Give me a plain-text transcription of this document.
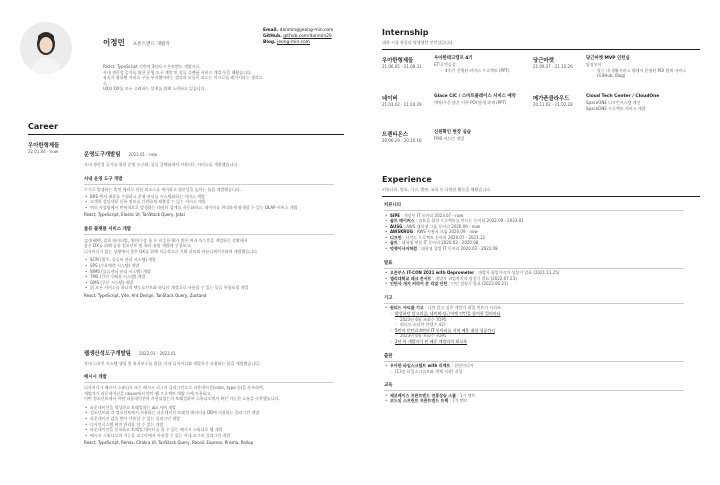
이정민 프론트엔드 개발자
React, TypeScript 기반의 3년차 프론트엔드 개발자로,
사내 생산성 증가를 위한 운영 도구 개발 및 물류 플랫폼 서비스 개발 등을 해왔습니다.
유지가 쉽다면 서비스 구를 부지했어야는 생각과 모듈이 코드는 마크로를 레가시라는 생각으로
UX와 DX를 모두 고려하는 설계를 위해 노력하고 있습니다.
Email. danmin@jeong-min.com
GitHub. github.com/danmin20
Blog. jeong-min.com
Career
우아한형제들
22.01.04 - now
운영도구개발팀 2023.01 - now
사내 생산성 증가를 위한 운영 도구와, 물류 플랫폼에서 사용되는 서비스를 개발했습니다.
사내 운영 도구 개발
수기로 발생하는 휴먼 에러로 인한 리소스를 제거하고 생산성을 높이는 툴을 개발했습니다.
• BRS 텍서 제휴를 수립하고 운영 관리를 시스템화하는 서비스 개발
• 고객의 상담내용 등록 정보를 간편하게 제출할 수 있는 서비스 개발
• 여러 사업팀에서 반복적으로 발생하는 데이터 집계를 자동화하고, 데이터를 편리하게 탐색할 수 있는 OLAP 서비스 개발
React, TypeScript, Elastic UI, TanStack Query, Jotai
물류 플랫폼 서비스 개발
검색 혜택, 결과 데이터별, 생산/수송 품 등 비슷한 UI가 많은 여러 어드민을 개발하는 상황에서
좋은 DX를 위해 공통 컴포넌트 및 훅과 유틸 개발에 신경쓰고,
디자이너가 없는 상황에서 좋은 UX를 위해 적극적으로 기획 파트와 커뮤니케이션하며 개발했습니다.
• SCM (발주, 물류비 관리 시스템) 개발
• SPS (수요예측 시스템) 개발
• WMS (물류센터 관리 시스템) 개발
• TMS (간선 수배송 시스템) 개발
• OMS (주문 시스템) 개발
• 위 모든 서비스를 하나의 엔드포인트와 하나의 계정으로 사용할 수 있는 물류 통합포털 개발
React, TypeScript, Vite, Ant Design, TanStack Query, Zustand
웹생산성도구개발팀 2022.01 - 2023.01
사내 디자인 시스템 생성 및 유지보수를 위한, 사내 디자이너와 개발자가 사용하는 툴을 개발했습니다.
배시시 개발
디자이너가 배시시 스튜디오 또는 배시시 피그마 플러그인으로 파운데이션(color, typo 등)을 등록하면,
개발자가 파운데이션을 nexus에서 받아 웹 프로젝트 개발 시에 사용하고,
어떤 컴포넌트에서 어떤 파운데이션이 사용되었는지 트래킹하여 스튜디오에서 확인 가능한 흐름을 구축했습니다.
• 파운데이션을 생성하고 트래킹하는 api 서버 개발
• 컴포넌트와 각 컴포넌트에서 사용하는 파운데이션 트래킹 데이터를 DB에 저장하는 플러그인 개발
• 파운데이션 값을 받아 사용할 수 있는 플러그인 개발
• 디자인시스템 버전 관리를 할 수 있는 개발
• 파운데이션을 등록하고 트래킹 데이터를 볼 수 있는 배시시 스튜디오 웹 개발
• 배시시 스튜디오의 기능을 피그마에서 사용할 수 있는 사내 피그마 플러그인 개발
React, TypeScript, Remix, Chakra UI, TanStack Query, Recoil, Express, Prisma, Rollup
Internship
대학 시절 학업과 병행했던 인턴십입니다.
우아한형제들
21.06.05 - 21.08.31
우아한테크캠프 4기
ET내 만들살
◦ 4주간 진행된 커머스 프로젝트 (PPT)
당근마켓
21.09.27 - 21.12.26
당근마켓 MVP 인턴십
당장모아
◦ 당근 내 생활서비스 탭에서 운영된 POI 탐색 서비스 (GitHub, Blog)
네이버
21.03.02 - 21.04.29
Glace CIC / 스마트플레이스 서비스 예약
예약/주문 방문 이력 POI 탐색 과제 (PPT)
메가존클라우드
20.11.02 - 21.02.28
Cloud Tech Center / CloudOne
SpaceONE 디자인시스템 개선
SpaceONE 프로젝트 서비스 개발
트렌티온스
20.06.29 - 20.10.16
신원확인 현장 실습
FMS 어드민 개발
Experience
커뮤니티, 발표, 기고, 출판, 교육 등 다양한 활동을 해왔습니다.
커뮤니티
• SIPE : 직장인 IT 동아리 2023.07 - now
• 솔트 메이커스 : 솔트을 위한 프로젝트를 만드는 동아리 2022.09 - 2023.01
• AUSG : AWS 대학생 그룹 동아리 2020.09 - now
• AWSKRUG : AWS 사용자 모임 2020.09 - now
• 디프만 : 사이드 프로젝트 동아리 2020.07 - 2021.12
• 솝트 : 대학생 연합 IT 동아리 2020.03 - 2020.08
• 멋쟁이사자처럼 : 대학생 창업 IT 동아리 2020.03 - 2022.08
발표
• 오픈부스 IT-CON 2021 with Deprometer : 개발자 취업까지의 성장기 발표 (2021.11.25)
• 엘리대학교 테크 콘서트 : 개발자 취업까지의 성장기 발표 (2022.07.23)
• 인턴사 개지 커리어 콘 리얼 인턴 : 인턴 경험기 발표 (2023.06.21)
기고
• 원티드 아티클 기고 : 나만 알고 싶은 개발자 취업 치트키 시리즈
◦ 발할하던 알고리즘, 네이버·당근마켓 인턴을 합격한 컬러비다
◦ 2023년 6월 조회수 TOP5
◦ 원티드 커리어 콘텐츠 4위
◦ 5번의 인턴과 4번의 IT 동아리를 거쳐 배운 취업 성공까지
◦ 2023년 6월 조회수 TOP5
◦ 2년 차 개발자가 된 배운 개발자의 회고록
출판
• 우아한 타입스크립트 with 리액트 : 한빛미디어
◦ [13장 타입스크립트와 객체 지향] 작성
교육
• 제로베이스 프론트엔드 연봉상승 스쿨 : 1기 멘토
• 코드잇 스프린트 프론트엔드 트랙 : 7기 멘토
